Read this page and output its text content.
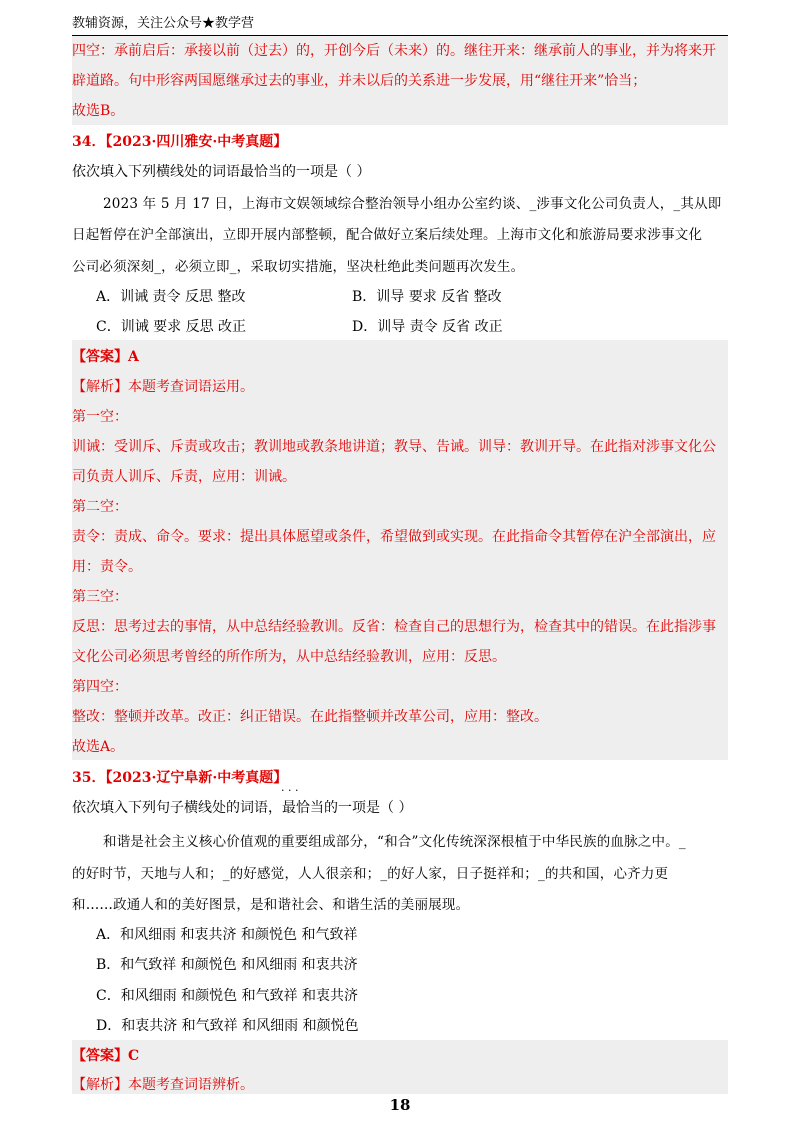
教辅资源，关注公众号★教学营
四空：承前启后：承接以前（过去）的，开创今后（未来）的。继往开来：继承前人的事业，并为将来开
辟道路。句中形容两国愿继承过去的事业，并未以后的关系进一步发展，用“继往开来”恰当；
故选B。
34．【2023·四川雅安·中考真题】
依次填入下列横线处的词语最恰当的一项是（ ）
2023 年 5 月 17 日，上海市文娱领域综合整治领导小组办公室约谈、_涉事文化公司负责人，_其从即
日起暂停在沪全部演出，立即开展内部整顿，配合做好立案后续处理。上海市文化和旅游局要求涉事文化
公司必须深刻_，必须立即_，采取切实措施，坚决杜绝此类问题再次发生。
A．训诫 责令 反思 整改	B．训导 要求 反省 整改
C．训诫 要求 反思 改正	D．训导 责令 反省 改正
【答案】A
【解析】本题考查词语运用。
第一空：
训诫：受训斥、斥责或攻击；教训地或教条地讲道；教导、告诫。训导：教训开导。在此指对涉事文化公
司负责人训斥、斥责，应用：训诫。
第二空：
责令：责成、命令。要求：提出具体愿望或条件，希望做到或实现。在此指命令其暂停在沪全部演出，应
用：责令。
第三空：
反思：思考过去的事情，从中总结经验教训。反省：检查自己的思想行为，检查其中的错误。在此指涉事
文化公司必须思考曾经的所作所为，从中总结经验教训，应用：反思。
第四空：
整改：整顿并改革。改正：纠正错误。在此指整顿并改革公司，应用：整改。
故选A。
35．【2023·辽宁阜新·中考真题】
依次填入下列句子横线处的词语，· · · 最恰当的一项是（ ）
和谐是社会主义核心价值观的重要组成部分，“和合”文化传统深深根植于中华民族的血脉之中。_
的好时节，天地与人和；_的好感觉，人人很亲和；_的好人家，日子挺祥和；_的共和国，心齐力更
和……政通人和的美好图景，是和谐社会、和谐生活的美丽展现。
A．和风细雨 和衷共济 和颜悦色 和气致祥
B．和气致祥 和颜悦色 和风细雨 和衷共济
C．和风细雨 和颜悦色 和气致祥 和衷共济
D．和衷共济 和气致祥 和风细雨 和颜悦色
【答案】C
【解析】本题考查词语辨析。
18
